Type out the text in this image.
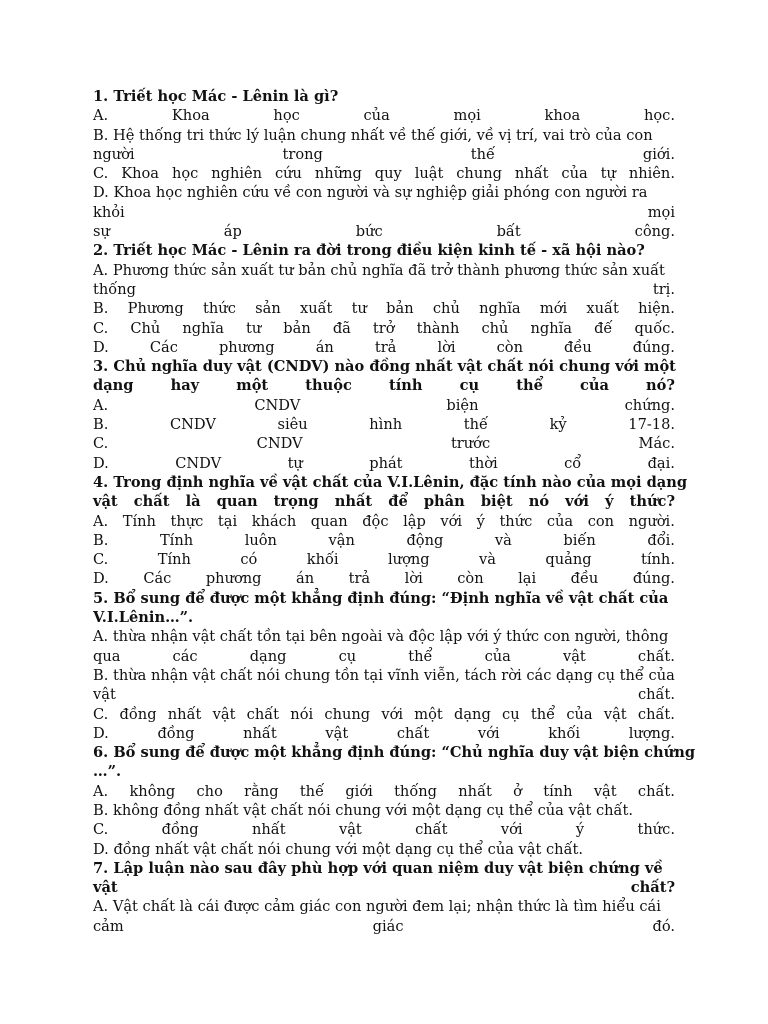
1. Triết học Mác - Lênin là gì?
A.	Khoa	học	của	mọi	khoa	học.
B. Hệ thống tri thức lý luận chung nhất về thế giới, về vị trí, vai trò của con
người	trong	thế	giới.
C. Khoa học nghiên cứu những quy luật chung nhất của tự nhiên.
D. Khoa học nghiên cứu về con người và sự nghiệp giải phóng con người ra
khỏi	mọi
sự	áp	bức	bất	công.
2. Triết học Mác - Lênin ra đời trong điều kiện kinh tế - xã hội nào?
A. Phương thức sản xuất tư bản chủ nghĩa đã trở thành phương thức sản xuất
thống	trị.
B. Phương thức sản xuất tư bản chủ nghĩa mới xuất hiện.
C. Chủ nghĩa tư bản đã trở thành chủ nghĩa đế quốc.
D.	Các	phương	án	trả	lời	còn	đều	đúng.
3. Chủ nghĩa duy vật (CNDV) nào đồng nhất vật chất nói chung với một
dạng	hay	một	thuộc	tính	cụ	thể	của	nó?
A.	CNDV	biện	chứng.
B.	CNDV	siêu	hình	thế	kỷ	17-18.
C.	CNDV	trước	Mác.
D.	CNDV	tự	phát	thời	cổ	đại.
4. Trong định nghĩa về vật chất của V.I.Lênin, đặc tính nào của mọi dạng
vật chất là quan trọng nhất để phân biệt nó với ý thức?
A. Tính thực tại khách quan độc lập với ý thức của con người.
B.	Tính	luôn	vận	động	và	biến	đổi.
C.	Tính	có	khối	lượng	và	quảng	tính.
D. Các phương án trả lời còn lại đều đúng.
5. Bổ sung để được một khẳng định đúng: “Định nghĩa về vật chất của
V.I.Lênin…”.
A. thừa nhận vật chất tồn tại bên ngoài và độc lập với ý thức con người, thông
qua	các	dạng	cụ	thể	của	vật	chất.
B. thừa nhận vật chất nói chung tồn tại vĩnh viễn, tách rời các dạng cụ thể của
vật	chất.
C. đồng nhất vật chất nói chung với một dạng cụ thể của vật chất.
D.	đồng	nhất	vật	chất	với	khối	lượng.
6. Bổ sung để được một khẳng định đúng: “Chủ nghĩa duy vật biện chứng
…”.
A. không cho rằng thế giới thống nhất ở tính vật chất.
B. không đồng nhất vật chất nói chung với một dạng cụ thể của vật chất.
C.	đồng	nhất	vật	chất	với	ý	thức.
D. đồng nhất vật chất nói chung với một dạng cụ thể của vật chất.
7. Lập luận nào sau đây phù hợp với quan niệm duy vật biện chứng về
vật	chất?
A. Vật chất là cái được cảm giác con người đem lại; nhận thức là tìm hiểu cái
cảm	giác	đó.
